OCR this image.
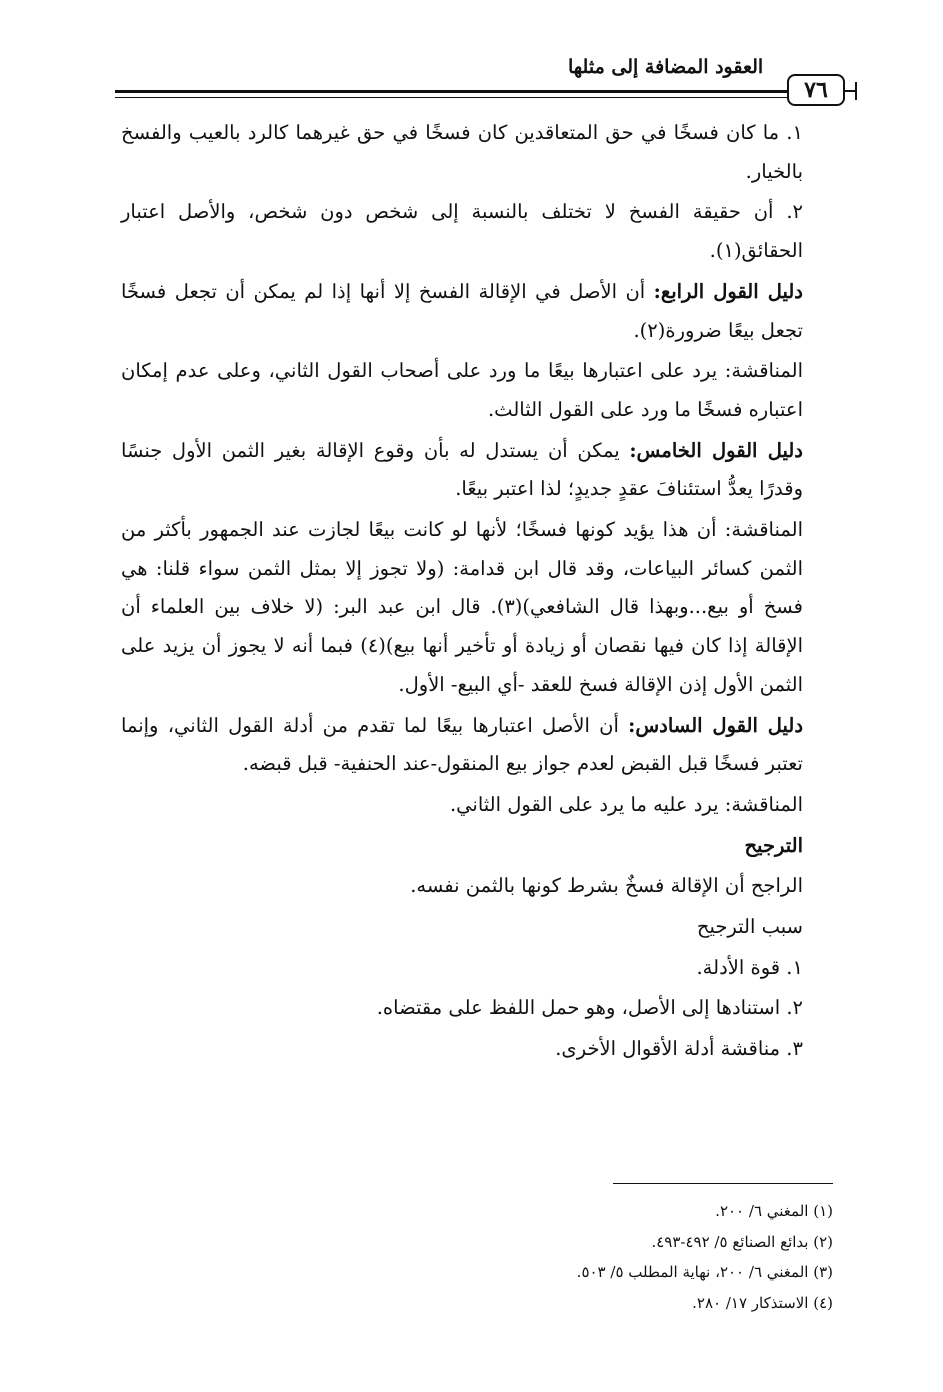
العقود المضافة إلى مثلها
٧٦

١. ما كان فسخًا في حق المتعاقدين كان فسخًا في حق غيرهما كالرد بالعيب والفسخ بالخيار.

٢. أن حقيقة الفسخ لا تختلف بالنسبة إلى شخص دون شخص، والأصل اعتبار الحقائق(١).

دليل القول الرابع: أن الأصل في الإقالة الفسخ إلا أنها إذا لم يمكن أن تجعل فسخًا تجعل بيعًا ضرورة(٢).

المناقشة: يرد على اعتبارها بيعًا ما ورد على أصحاب القول الثاني، وعلى عدم إمكان اعتباره فسخًا ما ورد على القول الثالث.

دليل القول الخامس: يمكن أن يستدل له بأن وقوع الإقالة بغير الثمن الأول جنسًا وقدرًا يعدُّ استئنافَ عقدٍ جديدٍ؛ لذا اعتبر بيعًا.

المناقشة: أن هذا يؤيد كونها فسخًا؛ لأنها لو كانت بيعًا لجازت عند الجمهور بأكثر من الثمن كسائر البياعات، وقد قال ابن قدامة: (ولا تجوز إلا بمثل الثمن سواء قلنا: هي فسخ أو بيع...وبهذا قال الشافعي)(٣). قال ابن عبد البر: (لا خلاف بين العلماء أن الإقالة إذا كان فيها نقصان أو زيادة أو تأخير أنها بيع)(٤) فبما أنه لا يجوز أن يزيد على الثمن الأول إذن الإقالة فسخ للعقد -أي البيع- الأول.

دليل القول السادس: أن الأصل اعتبارها بيعًا لما تقدم من أدلة القول الثاني، وإنما تعتبر فسخًا قبل القبض لعدم جواز بيع المنقول-عند الحنفية- قبل قبضه.

المناقشة: يرد عليه ما يرد على القول الثاني.

الترجيح

الراجح أن الإقالة فسخٌ بشرط كونها بالثمن نفسه.

سبب الترجيح

١. قوة الأدلة.

٢. استنادها إلى الأصل، وهو حمل اللفظ على مقتضاه.

٣. مناقشة أدلة الأقوال الأخرى.

(١) المغني ٦/ ٢٠٠.
(٢) بدائع الصنائع ٥/ ٤٩٢-٤٩٣.
(٣) المغني ٦/ ٢٠٠، نهاية المطلب ٥/ ٥٠٣.
(٤) الاستذكار ١٧/ ٢٨٠.
